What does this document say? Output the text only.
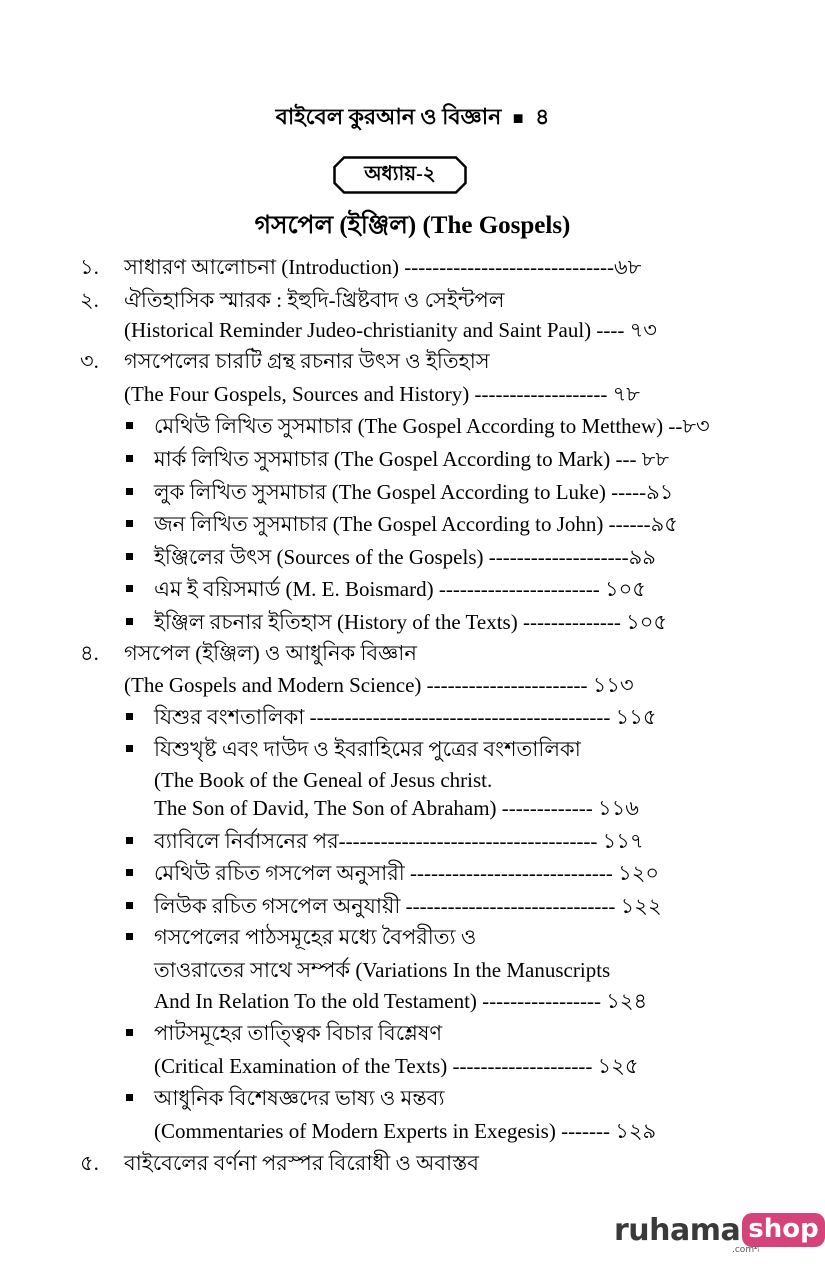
বাইবেল কুরআন ও বিজ্ঞান ■ ৪
অধ্যায়-২
গসপেল (ইঞ্জিল) (The Gospels)
১. সাধারণ আলোচনা (Introduction) ------------------------------৬৮
২. ঐতিহাসিক স্মারক : ইহুদি-খ্রিষ্টবাদ ও সেইন্টপল
(Historical Reminder Judeo-christianity and Saint Paul) ---- ৭৩
৩. গসপেলের চারটি গ্রন্থ রচনার উৎস ও ইতিহাস
(The Four Gospels, Sources and History) ------------------- ৭৮
মেথিউ লিখিত সুসমাচার (The Gospel According to Metthew) --৮৩
মার্ক লিখিত সুসমাচার (The Gospel According to Mark) --- ৮৮
লুক লিখিত সুসমাচার (The Gospel According to Luke) -----৯১
জন লিখিত সুসমাচার (The Gospel According to John) ------৯৫
ইঞ্জিলের উৎস (Sources of the Gospels) --------------------৯৯
এম ই বয়িসমার্ড (M. E. Boismard) ----------------------- ১০৫
ইঞ্জিল রচনার ইতিহাস (History of the Texts) -------------- ১০৫
৪. গসপেল (ইঞ্জিল) ও আধুনিক বিজ্ঞান
(The Gospels and Modern Science) ----------------------- ১১৩
যিশুর বংশতালিকা ------------------------------------------- ১১৫
যিশুখৃষ্ট এবং দাউদ ও ইবরাহিমের পুত্রের বংশতালিকা
(The Book of the Geneal of Jesus christ.
The Son of David, The Son of Abraham) ------------- ১১৬
ব্যাবিলে নির্বাসনের পর------------------------------------- ১১৭
মেথিউ রচিত গসপেল অনুসারী ----------------------------- ১২০
লিউক রচিত গসপেল অনুযায়ী ------------------------------ ১২২
গসপেলের পাঠসমূহের মধ্যে বৈপরীত্য ও
তাওরাতের সাথে সম্পর্ক (Variations In the Manuscripts
And In Relation To the old Testament) ----------------- ১২৪
পাটসমূহের তাত্ত্বিক বিচার বিশ্লেষণ
(Critical Examination of the Texts) -------------------- ১২৫
আধুনিক বিশেষজ্ঞদের ভাষ্য ও মন্তব্য
(Commentaries of Modern Experts in Exegesis) ------- ১২৯
৫. বাইবেলের বর্ণনা পরস্পর বিরোধী ও অবাস্তব
ruhama shop
.comশ
